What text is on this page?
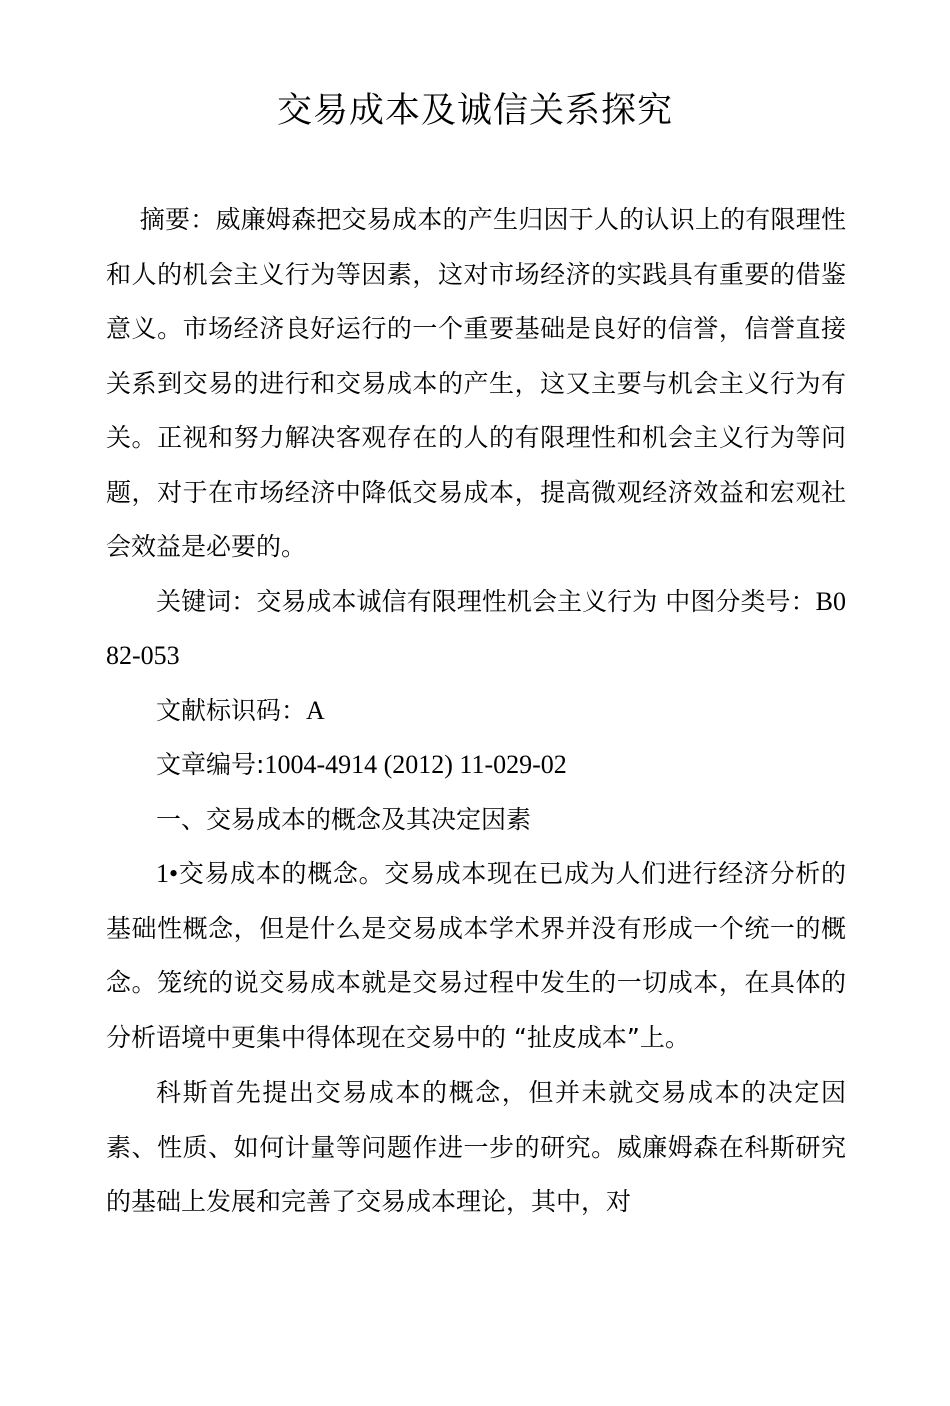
交易成本及诚信关系探究

摘要：威廉姆森把交易成本的产生归因于人的认识上的有限理性和人的机会主义行为等因素，这对市场经济的实践具有重要的借鉴意义。市场经济良好运行的一个重要基础是良好的信誉，信誉直接关系到交易的进行和交易成本的产生，这又主要与机会主义行为有关。正视和努力解决客观存在的人的有限理性和机会主义行为等问题，对于在市场经济中降低交易成本，提高微观经济效益和宏观社会效益是必要的。

关键词：交易成本诚信有限理性机会主义行为 中图分类号：B082-053

文献标识码：A

文章编号:1004-4914 (2012) 11-029-02

一、交易成本的概念及其决定因素

1•交易成本的概念。交易成本现在已成为人们进行经济分析的基础性概念，但是什么是交易成本学术界并没有形成一个统一的概念。笼统的说交易成本就是交易过程中发生的一切成本，在具体的分析语境中更集中得体现在交易中的 “扯皮成本”上。

科斯首先提出交易成本的概念，但并未就交易成本的决定因素、性质、如何计量等问题作进一步的研究。威廉姆森在科斯研究的基础上发展和完善了交易成本理论，其中，对
